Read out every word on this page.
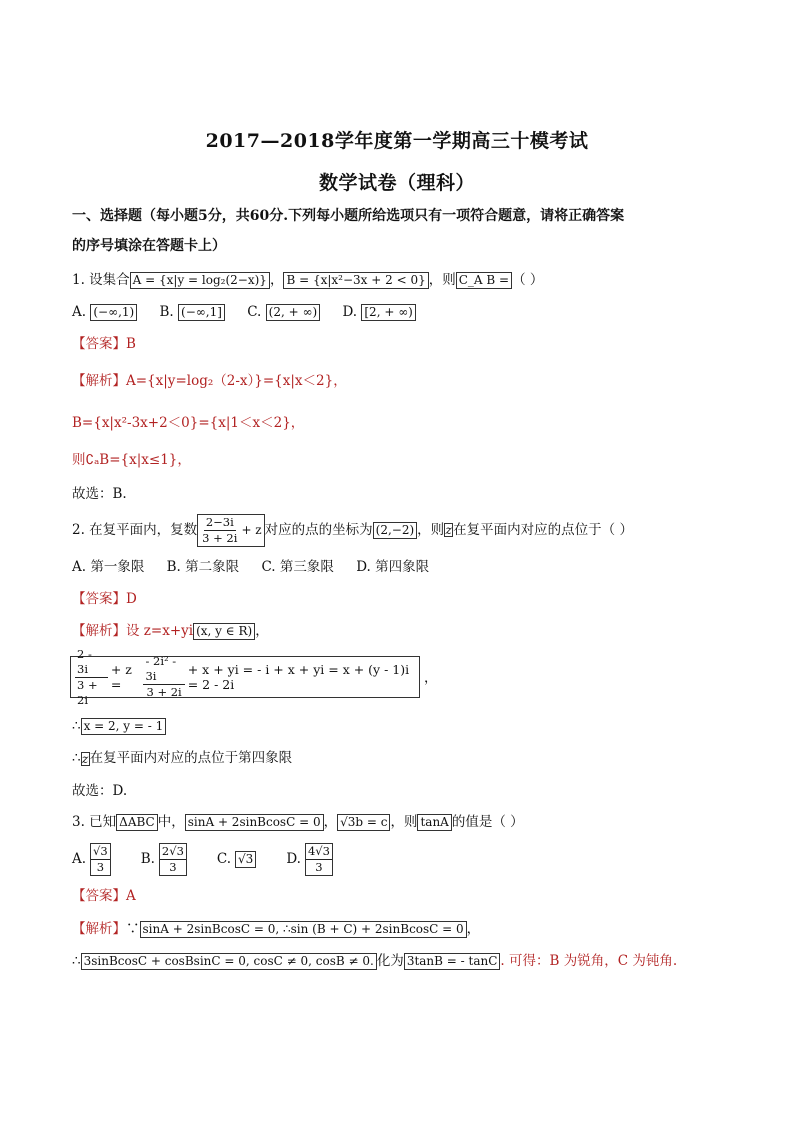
2017—2018学年度第一学期高三十模考试
数学试卷（理科）
一、选择题（每小题5分，共60分.下列每小题所给选项只有一项符合题意，请将正确答案
的序号填涂在答题卡上）
1. 设集合 A = {x|y = log₂(2−x)} ， B = {x|x²−3x + 2 < 0} ，则 C_A B = （ ）
A. (−∞,1) B. (−∞,1] C. (2, + ∞) D. [2, + ∞)
【答案】B
【解析】A={x|y=log₂（2-x）}={x|x＜2}，
B={x|x²-3x+2＜0}={x|1＜x＜2}，
则∁ₐB={x|x≤1}，
故选：B.
2. 在复平面内，复数 $\frac{2-3i}{3 + 2i} + z$ 对应的点的坐标为 (2,−2) ，则 z 在复平面内对应的点位于（ ）
A. 第一象限 B. 第二象限 C. 第三象限 D. 第四象限
【答案】D
【解析】设 z=x+yi (x, y ∈ R) ，
$\frac{2 - 3i}{3 + 2i} + z$ =	$\frac{\text{- 2i² - 3i}}{3 + 2i} + x$ + yi = - i + x + yi = x + (y - 1)i = 2 - 2i	，
∴ x = 2, y = - 1
∴z在复平面内对应的点位于第四象限
故选：D.
3. 已知 ΔABC 中， sinA + 2sinBcosC = 0 ， √3b = c ，则 tanA 的值是（ ）
A. $\frac{√3}{3} B$. $\frac{2√3}{3} C$. √3 D. $\frac{4√3}{3}$
【答案】A
【解析】∵ sinA + 2sinBcosC = 0, ∴sin (B + C) + 2sinBcosC = 0 ，
∴ 3sinBcosC + cosBsinC = 0, cosC ≠ 0, cosB ≠ 0. 化为 3tanB = - tanC . 可得：B 为锐角，C 为钝角.
